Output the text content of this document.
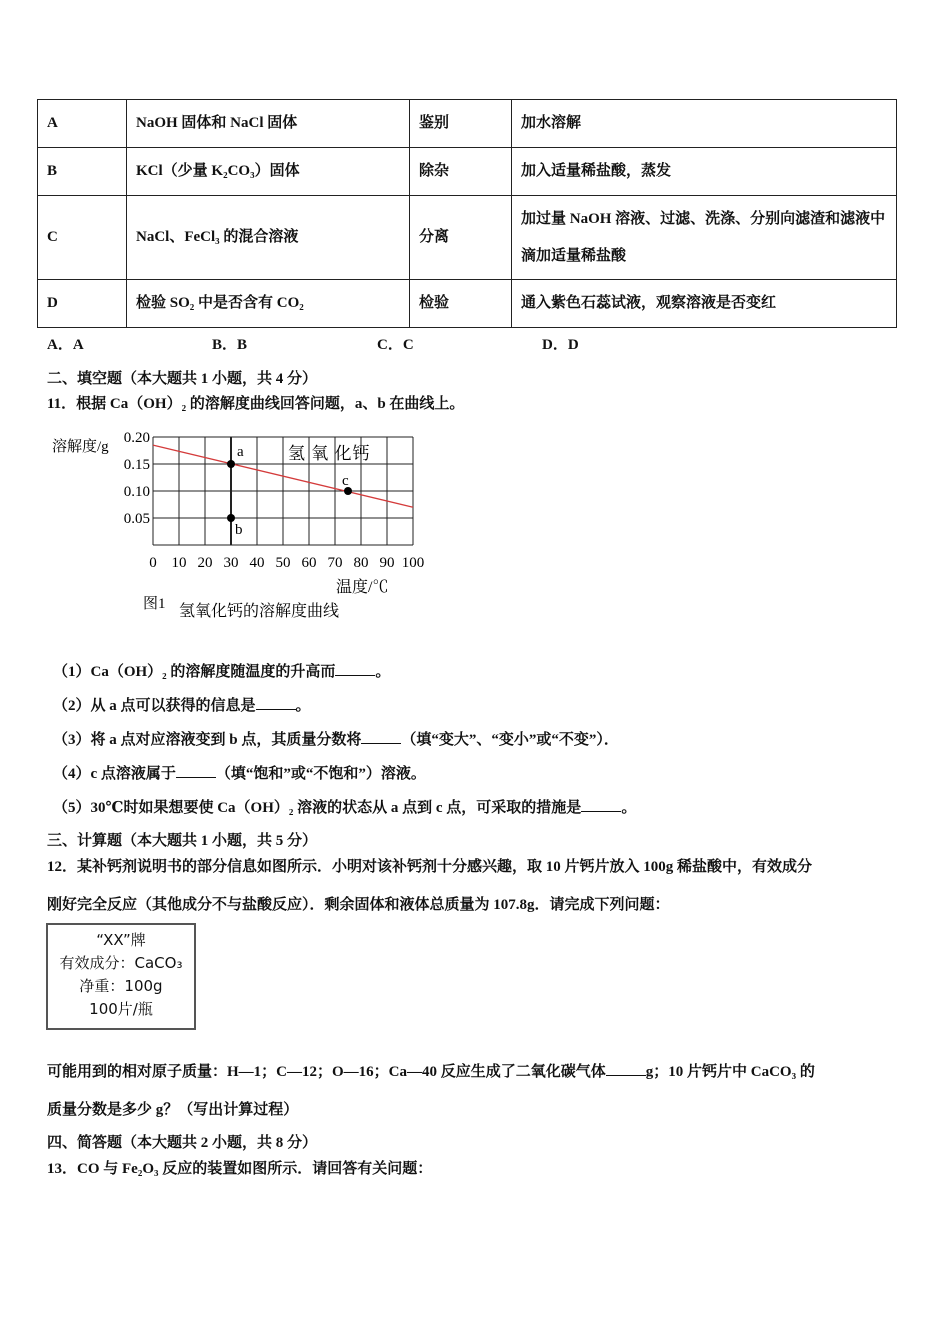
A	NaOH 固体和 NaCl 固体	鉴别	加水溶解
B	KCl（少量 K₂CO₃）固体	除杂	加入适量稀盐酸，蒸发
C	NaCl、FeCl₃ 的混合溶液	分离	加过量 NaOH 溶液、过滤、洗涤、分别向滤渣和滤液中滴加适量稀盐酸
D	检验 SO₂ 中是否含有 CO₂	检验	通入紫色石蕊试液，观察溶液是否变红
A．A	B．B	C．C	D．D
二、填空题（本大题共 1 小题，共 4 分）
11．根据 Ca（OH）₂ 的溶解度曲线回答问题，a、b 在曲线上。
0 10 20 30 40 50 60 70 80 90 100
0.20
0.15
0.10
0.05
溶解度/g	氢 氧 化钙
a
b
c
温度/℃
图1 氢氧化钙的溶解度曲线
（1）Ca（OH）₂ 的溶解度随温度的升高而	。
（2）从 a 点可以获得的信息是	。
（3）将 a 点对应溶液变到 b 点，其质量分数将	（填“变大”、“变小”或“不变”）．
（4）c 点溶液属于	（填“饱和”或“不饱和”）溶液。
（5）30℃时如果想要使 Ca（OH）₂ 溶液的状态从 a 点到 c 点，可采取的措施是	。
三、计算题（本大题共 1 小题，共 5 分）
12．某补钙剂说明书的部分信息如图所示．小明对该补钙剂十分感兴趣，取 10 片钙片放入 100g 稀盐酸中，有效成分
刚好完全反应（其他成分不与盐酸反应）．剩余固体和液体总质量为 107.8g．请完成下列问题：
“XX”牌
有效成分：CaCO₃
净重：100g
100片/瓶
可能用到的相对原子质量：H—1；C—12；O—16；Ca—40 反应生成了二氧化碳气体	g；10 片钙片中 CaCO₃ 的
质量分数是多少 g？（写出计算过程）
四、简答题（本大题共 2 小题，共 8 分）
13．CO 与 Fe₂O₃ 反应的装置如图所示．请回答有关问题：
